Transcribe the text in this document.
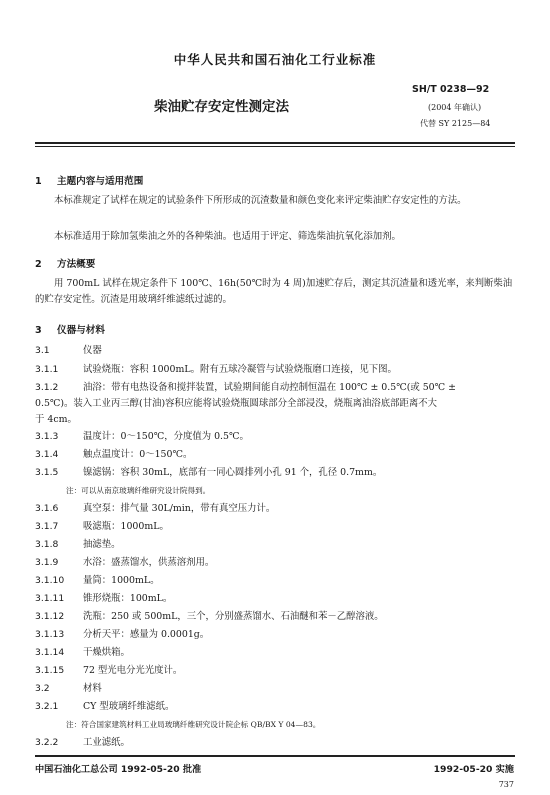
中华人民共和国石油化工行业标准
柴油贮存安定性测定法
SH/T 0238—92
(2004 年确认)
代替 SY 2125—84
1 主题内容与适用范围
本标准规定了试样在规定的试验条件下所形成的沉渣数量和颜色变化来评定柴油贮存安定性的方法。
本标准适用于除加氢柴油之外的各种柴油。也适用于评定、筛选柴油抗氧化添加剂。
2 方法概要
用 700mL 试样在规定条件下 100℃、16h(50℃时为 4 周)加速贮存后，测定其沉渣量和透光率，来判断柴油的贮存安定性。沉渣是用玻璃纤维滤纸过滤的。
3 仪器与材料
3.1	仪器
3.1.1	试验烧瓶：容积 1000mL。附有五球冷凝管与试验烧瓶磨口连接，见下图。
3.1.2	油浴：带有电热设备和搅拌装置，试验期间能自动控制恒温在 100℃ ± 0.5℃(或 50℃ ±
0.5℃)。装入工业丙三醇(甘油)容积应能将试验烧瓶圆球部分全部浸没，烧瓶离油浴底部距离不大
于 4cm。
3.1.3	温度计：0～150℃，分度值为 0.5℃。
3.1.4	触点温度计：0～150℃。
3.1.5	镍滤锅：容积 30mL，底部有一同心圆排列小孔 91 个，孔径 0.7mm。
注：可以从南京玻璃纤维研究设计院得到。
3.1.6	真空泵：排气量 30L/min，带有真空压力计。
3.1.7	吸滤瓶：1000mL。
3.1.8	抽滤垫。
3.1.9	水浴：盛蒸馏水，供蒸溶剂用。
3.1.10 量筒：1000mL。
3.1.11 锥形烧瓶：100mL。
3.1.12 洗瓶：250 或 500mL，三个，分别盛蒸馏水、石油醚和苯－乙醇溶液。
3.1.13 分析天平：感量为 0.0001g。
3.1.14 干燥烘箱。
3.1.15 72 型光电分光光度计。
3.2	材料
3.2.1	CY 型玻璃纤维滤纸。
注：符合国家建筑材料工业局玻璃纤维研究设计院企标 QB/BX Y 04—83。
3.2.2	工业滤纸。
中国石油化工总公司 1992-05-20 批准	1992-05-20 实施
737
